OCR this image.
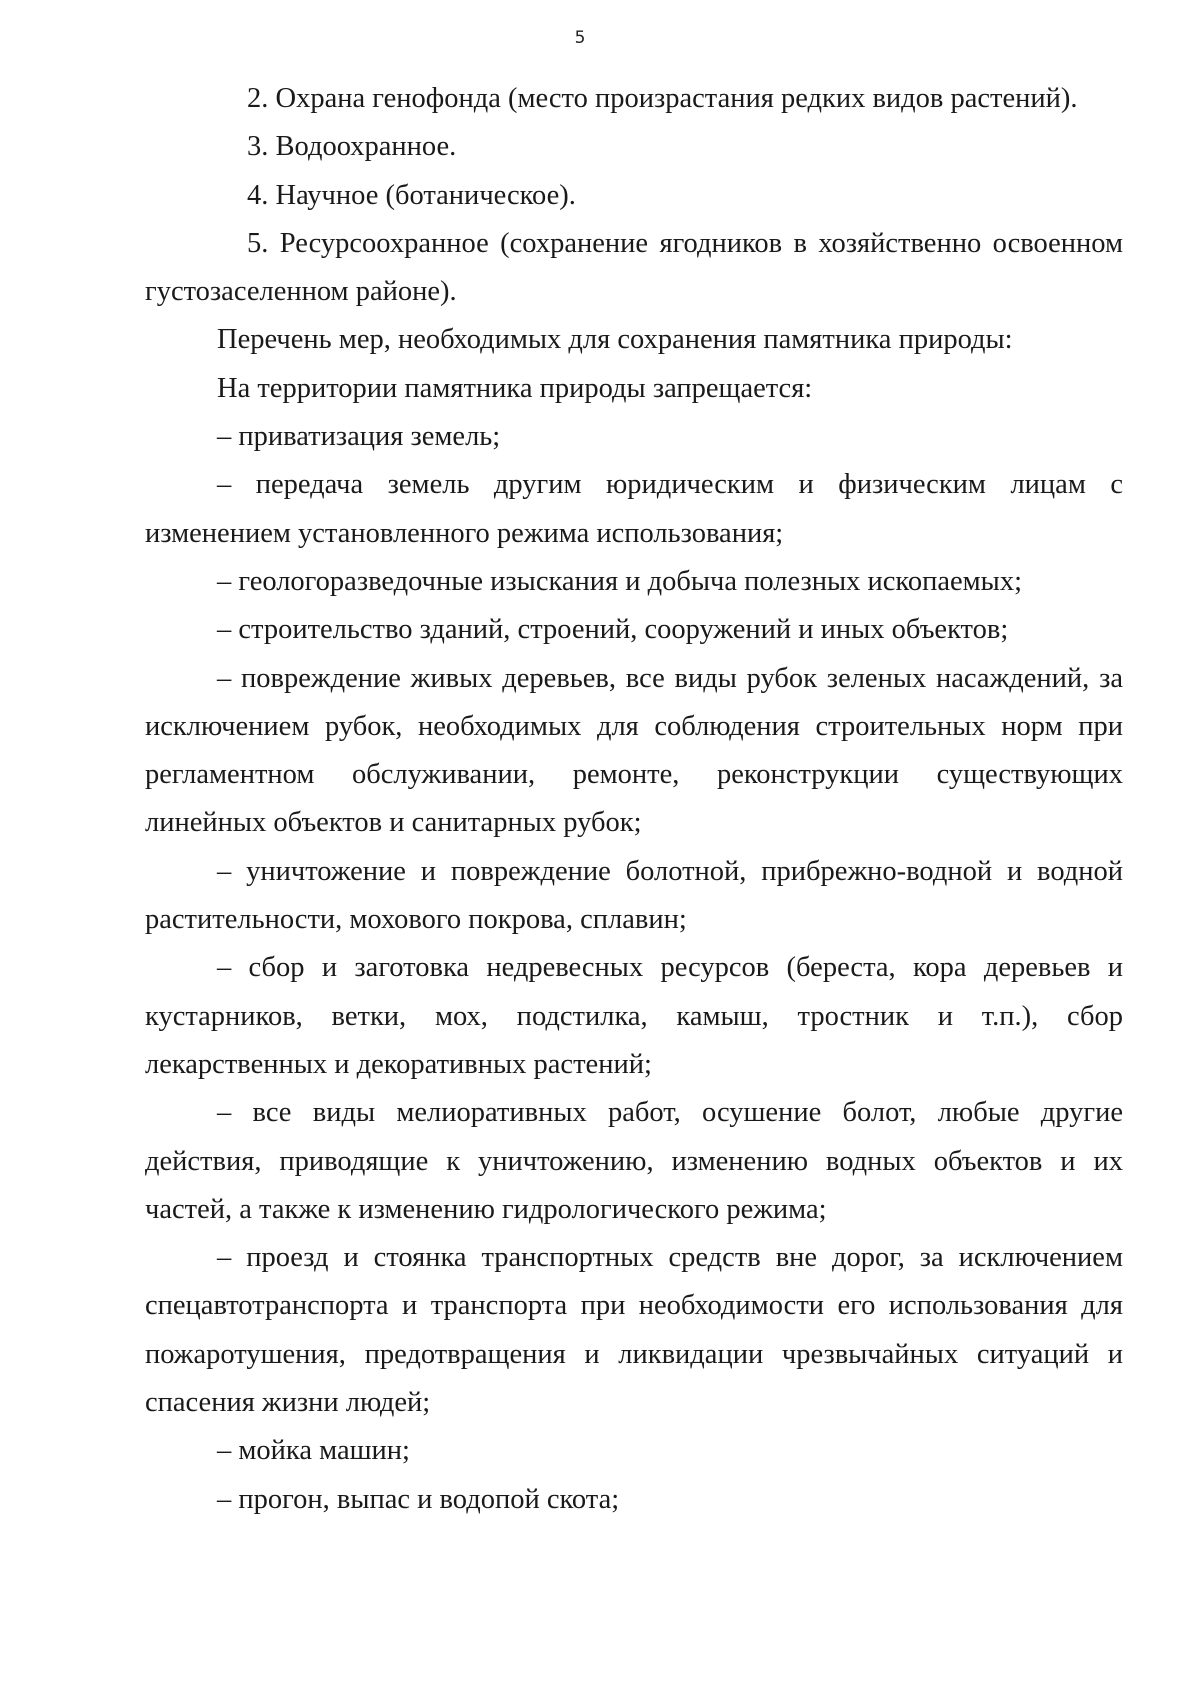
5

2. Охрана генофонда (место произрастания редких видов растений).

3. Водоохранное.

4. Научное (ботаническое).

5. Ресурсоохранное (сохранение ягодников в хозяйственно освоенном густозаселенном районе).

Перечень мер, необходимых для сохранения памятника природы:

На территории памятника природы запрещается:

– приватизация земель;

– передача земель другим юридическим и физическим лицам с изменением установленного режима использования;

– геологоразведочные изыскания и добыча полезных ископаемых;

– строительство зданий, строений, сооружений и иных объектов;

– повреждение живых деревьев, все виды рубок зеленых насаждений, за исключением рубок, необходимых для соблюдения строительных норм при регламентном обслуживании, ремонте, реконструкции существующих линейных объектов и санитарных рубок;

– уничтожение и повреждение болотной, прибрежно-водной и водной растительности, мохового покрова, сплавин;

– сбор и заготовка недревесных ресурсов (береста, кора деревьев и кустарников, ветки, мох, подстилка, камыш, тростник и т.п.), сбор лекарственных и декоративных растений;

– все виды мелиоративных работ, осушение болот, любые другие действия, приводящие к уничтожению, изменению водных объектов и их частей, а также к изменению гидрологического режима;

– проезд и стоянка транспортных средств вне дорог, за исключением спецавтотранспорта и транспорта при необходимости его использования для пожаротушения, предотвращения и ликвидации чрезвычайных ситуаций и спасения жизни людей;

– мойка машин;

– прогон, выпас и водопой скота;
